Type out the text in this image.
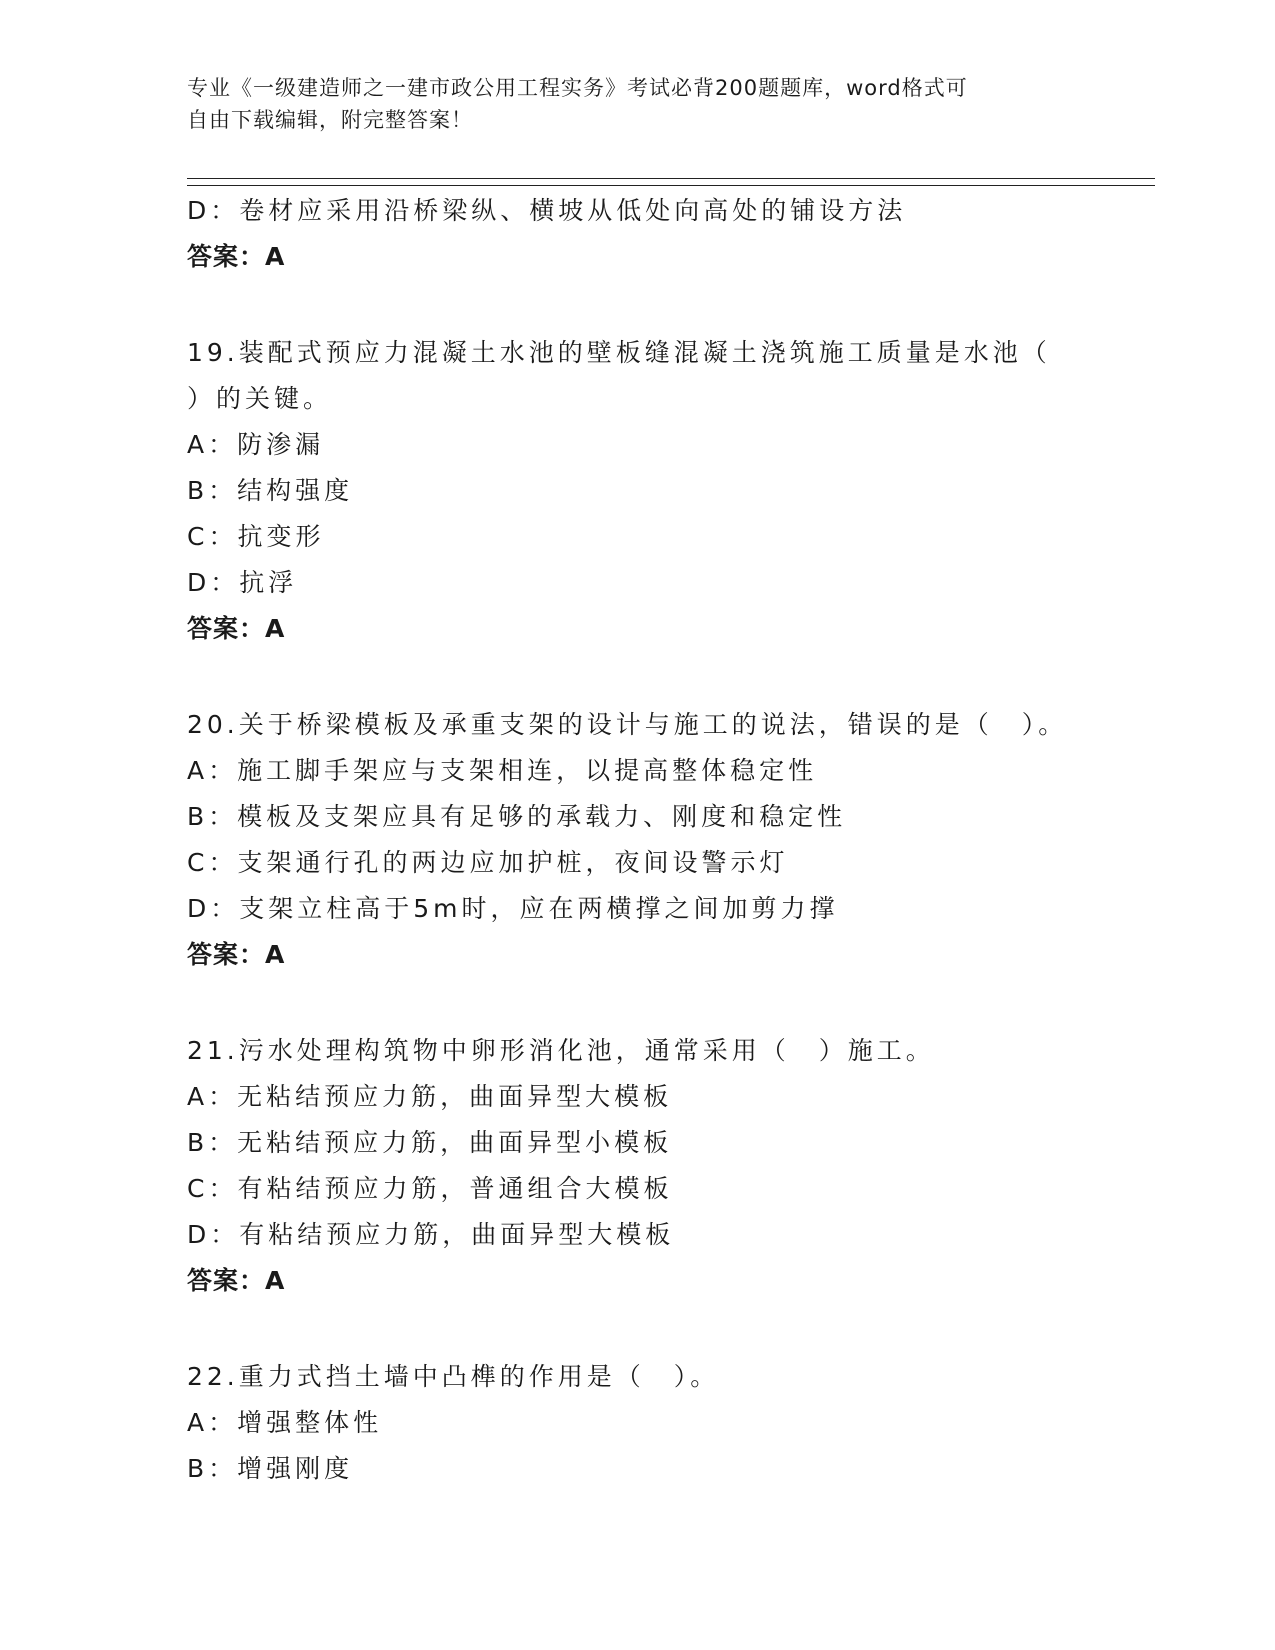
专业《一级建造师之一建市政公用工程实务》考试必背200题题库，word格式可
自由下载编辑，附完整答案！
D：卷材应采用沿桥梁纵、横坡从低处向高处的铺设方法
答案：A
19.装配式预应力混凝土水池的壁板缝混凝土浇筑施工质量是水池（
）的关键。
A：防渗漏
B：结构强度
C：抗变形
D：抗浮
答案：A
20.关于桥梁模板及承重支架的设计与施工的说法，错误的是（　）。
A：施工脚手架应与支架相连，以提高整体稳定性
B：模板及支架应具有足够的承载力、刚度和稳定性
C：支架通行孔的两边应加护桩，夜间设警示灯
D：支架立柱高于5m时，应在两横撑之间加剪力撑
答案：A
21.污水处理构筑物中卵形消化池，通常采用（　）施工。
A：无粘结预应力筋，曲面异型大模板
B：无粘结预应力筋，曲面异型小模板
C：有粘结预应力筋，普通组合大模板
D：有粘结预应力筋，曲面异型大模板
答案：A
22.重力式挡土墙中凸榫的作用是（　）。
A：增强整体性
B：增强刚度
